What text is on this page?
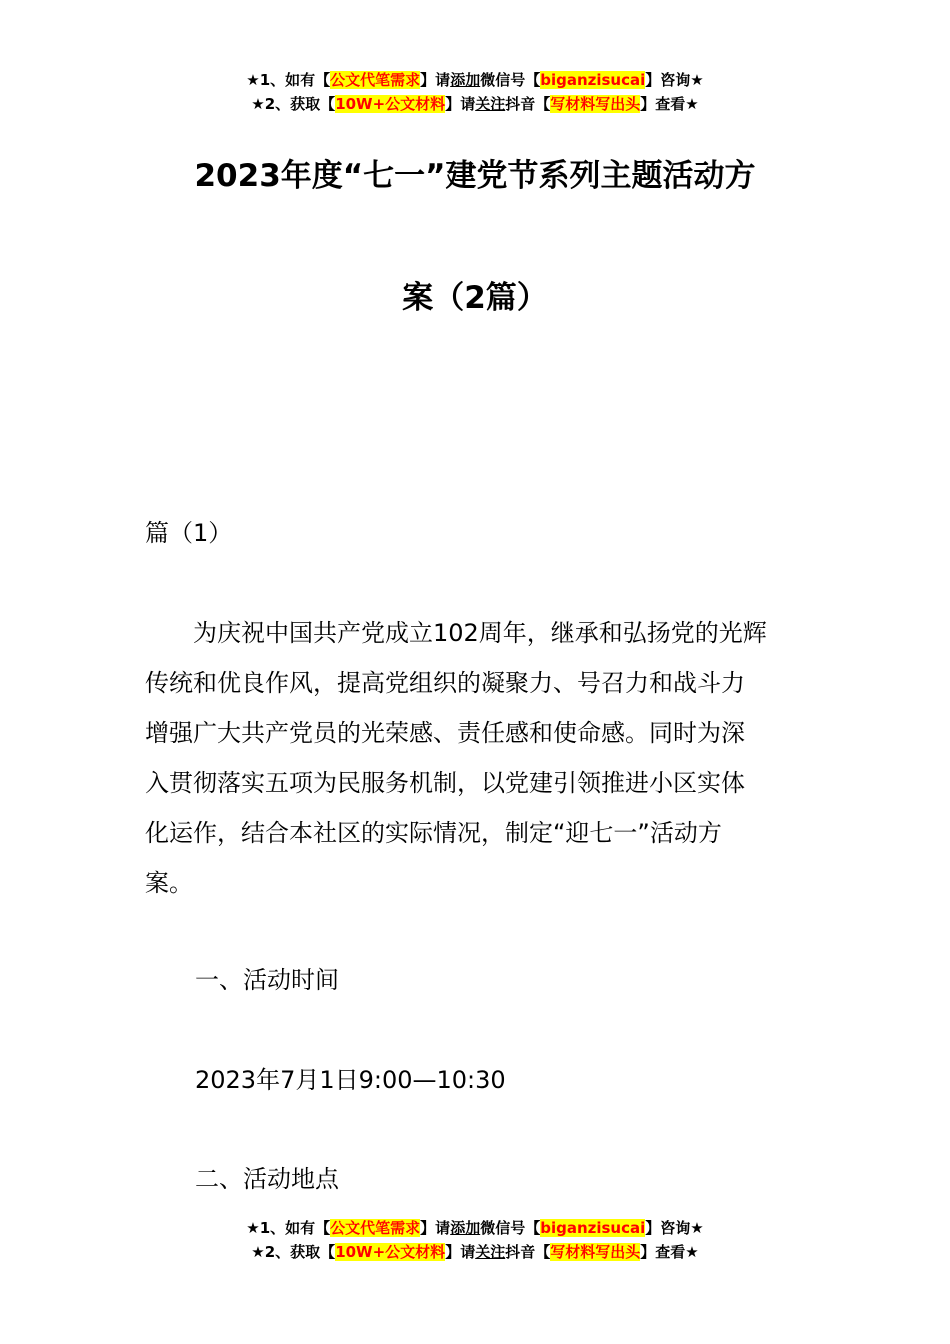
★1、如有【公文代笔需求】请添加微信号【biganzisucai】咨询★
★2、获取【10W+公文材料】请关注抖音【写材料写出头】查看★
2023年度“七一”建党节系列主题活动方
案（2篇）
篇（1）
　　为庆祝中国共产党成立102周年，继承和弘扬党的光辉
传统和优良作风，提高党组织的凝聚力、号召力和战斗力
增强广大共产党员的光荣感、责任感和使命感。同时为深
入贯彻落实五项为民服务机制，以党建引领推进小区实体
化运作，结合本社区的实际情况，制定“迎七一”活动方
案。
一、活动时间
2023年7月1日9:00—10:30
二、活动地点
★1、如有【公文代笔需求】请添加微信号【biganzisucai】咨询★
★2、获取【10W+公文材料】请关注抖音【写材料写出头】查看★
